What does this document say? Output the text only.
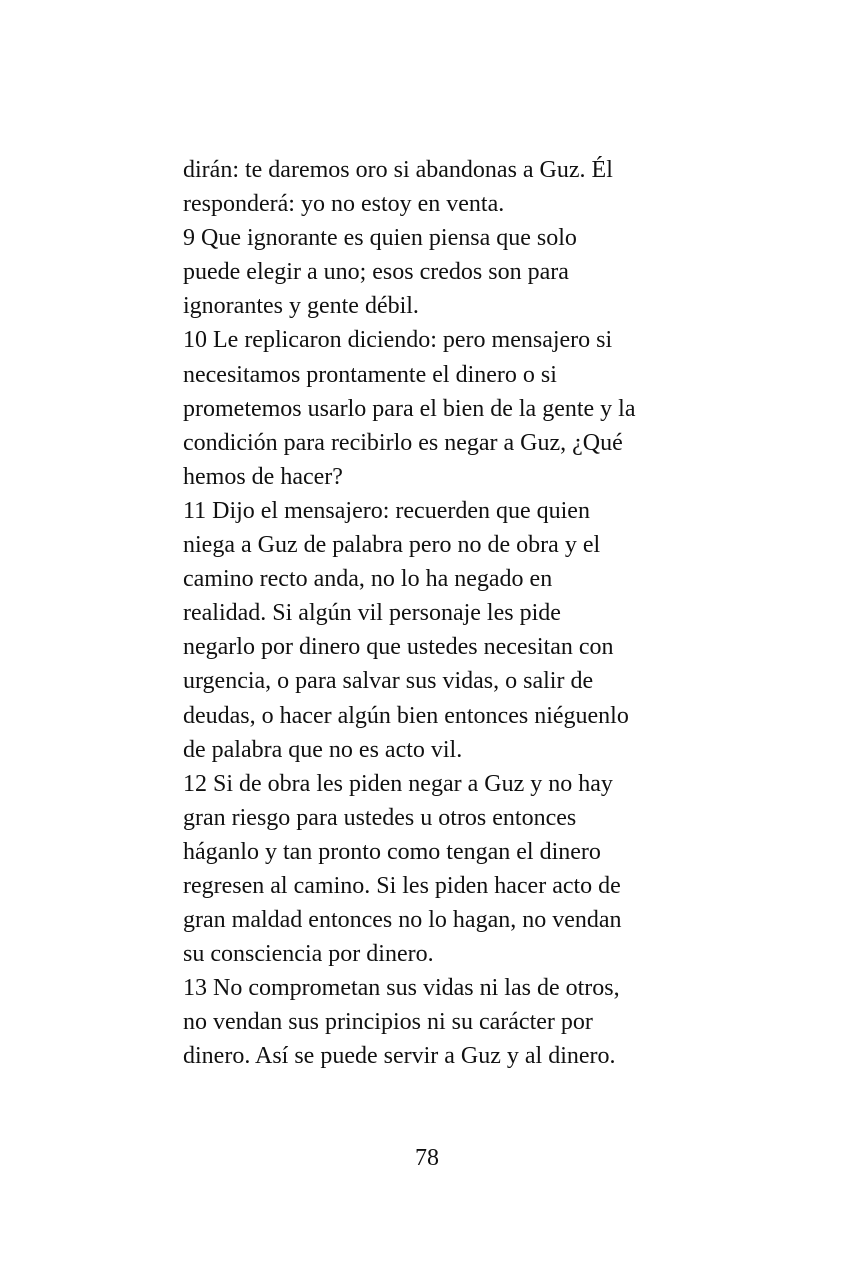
dirán: te daremos oro si abandonas a Guz. Él
responderá: yo no estoy en venta.
9 Que ignorante es quien piensa que solo
puede elegir a uno; esos credos son para
ignorantes y gente débil.
10 Le replicaron diciendo: pero mensajero si
necesitamos prontamente el dinero o si
prometemos usarlo para el bien de la gente y la
condición para recibirlo es negar a Guz, ¿Qué
hemos de hacer?
11 Dijo el mensajero: recuerden que quien
niega a Guz de palabra pero no de obra y el
camino recto anda, no lo ha negado en
realidad. Si algún vil personaje les pide
negarlo por dinero que ustedes necesitan con
urgencia, o para salvar sus vidas, o salir de
deudas, o hacer algún bien entonces niéguenlo
de palabra que no es acto vil.
12 Si de obra les piden negar a Guz y no hay
gran riesgo para ustedes u otros entonces
háganlo y tan pronto como tengan el dinero
regresen al camino. Si les piden hacer acto de
gran maldad entonces no lo hagan, no vendan
su consciencia por dinero.
13 No comprometan sus vidas ni las de otros,
no vendan sus principios ni su carácter por
dinero. Así se puede servir a Guz y al dinero.
78
